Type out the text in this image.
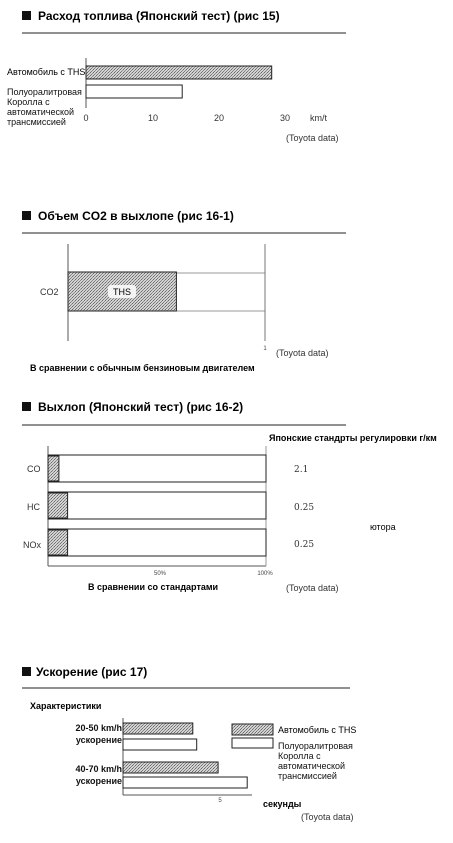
Расход топлива (Японский тест) (рис 15)
Автомобиль с THS
Полуоралитровая Королла с автоматической трансмиссией	0	10	20	30 km/t
(Toyota data)
Объем CO2 в выхлопе (рис 16-1)
THS
CO2
1 (Toyota data)
В сравнении с обычным бензиновым двигателем
Выхлоп (Японский тест) (рис 16-2)
Японские стандрты регулировки г/км
CO
HC
NOx
2.1
0.25
0.25
ютора
50%	100%
В сравнении со стандартами	(Toyota data)
Ускорение (рис 17)
Характеристики
20-50 km/h ускорение
40-70 km/h ускорение
5	секунды
(Toyota data)
Автомобиль с THS
Полуоралитровая Королла с автоматической трансмиссией
